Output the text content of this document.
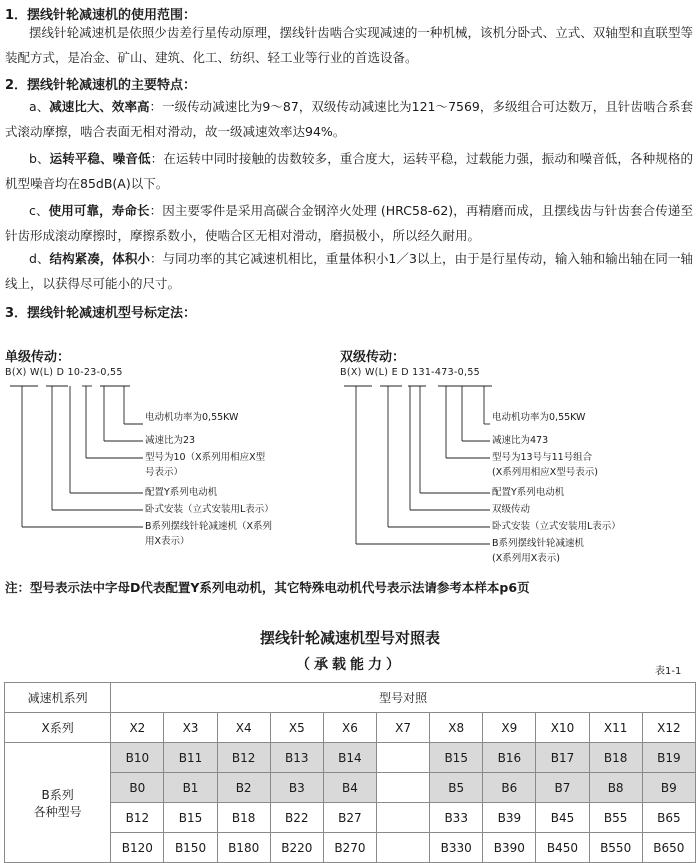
1．摆线针轮减速机的使用范围：
摆线针轮减速机是依照少齿差行星传动原理，摆线针齿啮合实现减速的一种机械，该机分卧式、立式、双轴型和直联型等装配方式，是冶金、矿山、建筑、化工、纺织、轻工业等行业的首选设备。
2．摆线针轮减速机的主要特点：
a、减速比大、效率高：一级传动减速比为9～87，双级传动减速比为121～7569，多级组合可达数万，且针齿啮合系套式滚动摩擦，啮合表面无相对滑动，故一级减速效率达94%。
b、运转平稳、噪音低：在运转中同时接触的齿数较多，重合度大，运转平稳，过载能力强，振动和噪音低，各种规格的机型噪音均在85dB(A)以下。
c、使用可靠，寿命长：因主要零件是采用高碳合金钢淬火处理 (HRC58-62)，再精磨而成，且摆线齿与针齿套合传递至针齿形成滚动摩擦时，摩擦系数小，使啮合区无相对滑动，磨损极小，所以经久耐用。
d、结构紧凑，体积小：与同功率的其它减速机相比，重量体积小1／3以上，由于是行星传动，输入轴和输出轴在同一轴线上，以获得尽可能小的尺寸。
3．摆线针轮减速机型号标定法：
单级传动：
B(X) W(L) D 10-23-0,55
电动机功率为0,55KW
减速比为23
型号为10（X系列用相应X型
号表示）
配置Y系列电动机
卧式安装（立式安装用L表示）
B系列摆线针轮减速机（X系列
用X表示）
双级传动：
B(X) W(L) E D 131-473-0,55
电动机功率为0,55KW
减速比为473
型号为13号与11号组合
(X系列用相应X型号表示)
配置Y系列电动机
双级传动
卧式安装（立式安装用L表示）
B系列摆线针轮减速机
(X系列用X表示)
注：型号表示法中字母D代表配置Y系列电动机，其它特殊电动机代号表示法请参考本样本p6页
摆线针轮减速机型号对照表
（承载能力）	表1-1
减速机系列	型号对照										
X系列	X2	X3	X4	X5	X6	X7	X8	X9	X10	X11	X12
B系列
各种型号	B10	B11	B12	B13	B14		B15	B16	B17	B18	B19
	B0	B1	B2	B3	B4		B5	B6	B7	B8	B9
	B12	B15	B18	B22	B27		B33	B39	B45	B55	B65
	B120	B150	B180	B220	B270		B330	B390	B450	B550	B650
